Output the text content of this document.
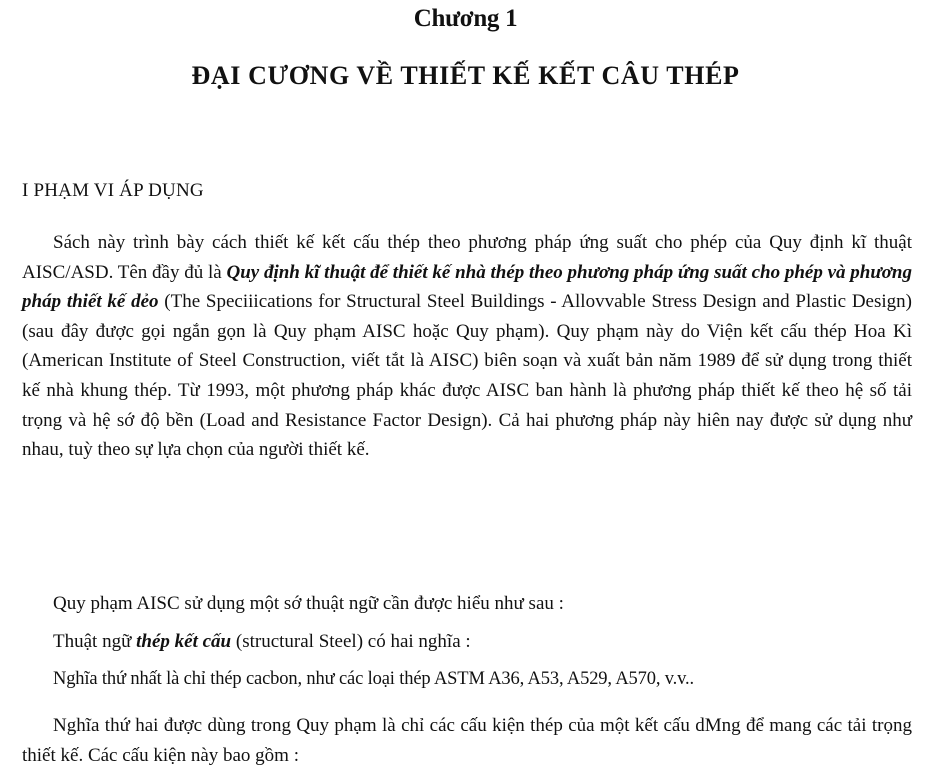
Chương 1
ĐẠI CƯƠNG VỀ THIẾT KẾ KẾT CÂU THÉP
I PHẠM VI ÁP DỤNG

Sách này trình bày cách thiết kế kết cấu thép theo phương pháp ứng suất cho phép của Quy định kĩ thuật AISC/ASD. Tên đầy đủ là Quy định kĩ thuật để thiết kế nhà thép theo phương pháp ứng suất cho phép và phương pháp thiết kế dẻo (The Speciiications for Structural Steel Buildings - Allovvable Stress Design and Plastic Design) (sau đây được gọi ngắn gọn là Quy phạm AISC hoặc Quy phạm). Quy phạm này do Viện kết cấu thép Hoa Kì (American Institute of Steel Construction, viết tắt là AISC) biên soạn và xuất bản năm 1989 để sử dụng trong thiết kế nhà khung thép. Từ 1993, một phương pháp khác được AISC ban hành là phương pháp thiết kế theo hệ số tải trọng và hệ sớ độ bền (Load and Resistance Factor Design). Cả hai phương pháp này hiên nay được sử dụng như nhau, tuỳ theo sự lựa chọn của người thiết kế.

Quy phạm AISC sử dụng một sớ thuật ngữ cần được hiểu như sau :

Thuật ngữ thép kết cấu (structural Steel) có hai nghĩa :

Nghĩa thứ nhất là chỉ thép cacbon, như các loại thép ASTM A36, A53, A529, A570, v.v..

Nghĩa thứ hai được dùng trong Quy phạm là chỉ các cấu kiện thép của một kết cấu dMng để mang các tải trọng thiết kế. Các cấu kiện này bao gồm :
